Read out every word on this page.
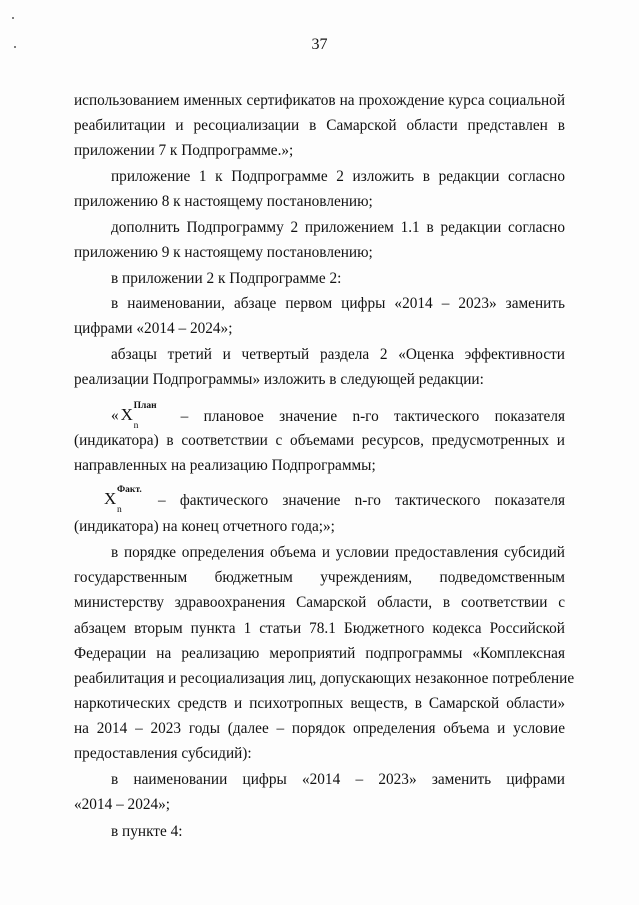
37
использованием именных сертификатов на прохождение курса социальной
реабилитации и ресоциализации в Самарской области представлен в
приложении 7 к Подпрограмме.»;
приложение 1 к Подпрограмме 2 изложить в редакции согласно
приложению 8 к настоящему постановлению;
дополнить Подпрограмму 2 приложением 1.1 в редакции согласно
приложению 9 к настоящему постановлению;
в приложении 2 к Подпрограмме 2:
в наименовании, абзаце первом цифры «2014 – 2023» заменить
цифрами «2014 – 2024»;
абзацы третий и четвертый раздела 2 «Оценка эффективности
реализации Подпрограммы» изложить в следующей редакции:
« X План
n
– плановое значение n-го тактического показателя
(индикатора) в соответствии с объемами ресурсов, предусмотренных и
направленных на реализацию Подпрограммы;
X Факт.
n
– фактического значение n-го тактического показателя
(индикатора) на конец отчетного года;»;
в порядке определения объема и условии предоставления субсидий
государственным бюджетным учреждениям, подведомственным
министерству здравоохранения Самарской области, в соответствии с
абзацем вторым пункта 1 статьи 78.1 Бюджетного кодекса Российской
Федерации на реализацию мероприятий подпрограммы «Комплексная
реабилитация и ресоциализация лиц, допускающих незаконное потребление
наркотических средств и психотропных веществ, в Самарской области»
на 2014 – 2023 годы (далее – порядок определения объема и условие
предоставления субсидий):
в наименовании цифры «2014 – 2023» заменить цифрами
«2014 – 2024»;
в пункте 4:
